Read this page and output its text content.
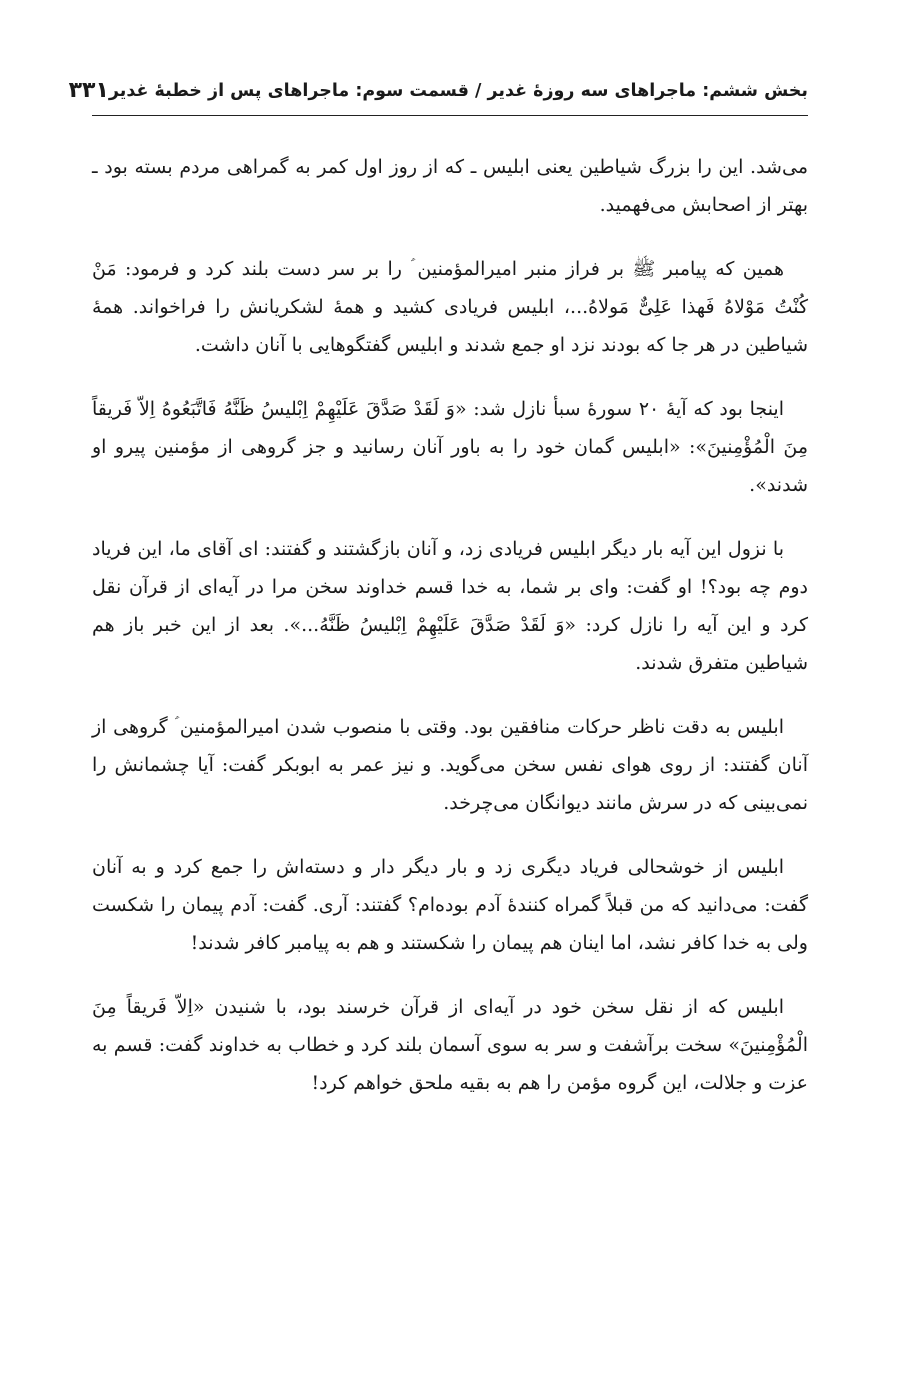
بخش ششم: ماجراهای سه روزهٔ غدیر / قسمت سوم: ماجراهای پس از خطبهٔ غدیر
۳۳۱

می‌شد. این را بزرگ شیاطین یعنی ابلیس ـ که از روز اول کمر به گمراهی مردم بسته بود ـ بهتر از اصحابش می‌فهمید.

همین که پیامبر ﷺ بر فراز منبر امیرالمؤمنین ؑ را بر سر دست بلند کرد و فرمود: مَنْ کُنْتُ مَوْلاهُ فَهذا عَلِیٌّ مَولاهُ...، ابلیس فریادی کشید و همهٔ لشکریانش را فراخواند. همهٔ شیاطین در هر جا که بودند نزد او جمع شدند و ابلیس گفتگوهایی با آنان داشت.

اینجا بود که آیهٔ ۲۰ سورهٔ سبأ نازل شد: «وَ لَقَدْ صَدَّقَ عَلَیْهِمْ اِبْلیسُ ظَنَّهُ فَاتَّبَعُوهُ اِلاّ فَریقاً مِنَ الْمُؤْمِنینَ»: «ابلیس گمان خود را به باور آنان رسانید و جز گروهی از مؤمنین پیرو او شدند».

با نزول این آیه بار دیگر ابلیس فریادی زد، و آنان بازگشتند و گفتند: ای آقای ما، این فریاد دوم چه بود؟! او گفت: وای بر شما، به خدا قسم خداوند سخن مرا در آیه‌ای از قرآن نقل کرد و این آیه را نازل کرد: «وَ لَقَدْ صَدَّقَ عَلَیْهِمْ اِبْلیسُ ظَنَّهُ...». بعد از این خبر باز هم شیاطین متفرق شدند.

ابلیس به دقت ناظر حرکات منافقین بود. وقتی با منصوب شدن امیرالمؤمنین ؑ گروهی از آنان گفتند: از روی هوای نفس سخن می‌گوید. و نیز عمر به ابوبکر گفت: آیا چشمانش را نمی‌بینی که در سرش مانند دیوانگان می‌چرخد.

ابلیس از خوشحالی فریاد دیگری زد و بار دیگر دار و دسته‌اش را جمع کرد و به آنان گفت: می‌دانید که من قبلاً گمراه کنندهٔ آدم بوده‌ام؟ گفتند: آری. گفت: آدم پیمان را شکست ولی به خدا کافر نشد، اما اینان هم پیمان را شکستند و هم به پیامبر کافر شدند!

ابلیس که از نقل سخن خود در آیه‌ای از قرآن خرسند بود، با شنیدن «اِلاّ فَریقاً مِنَ الْمُؤْمِنینَ» سخت برآشفت و سر به سوی آسمان بلند کرد و خطاب به خداوند گفت: قسم به عزت و جلالت، این گروه مؤمن را هم به بقیه ملحق خواهم کرد!
